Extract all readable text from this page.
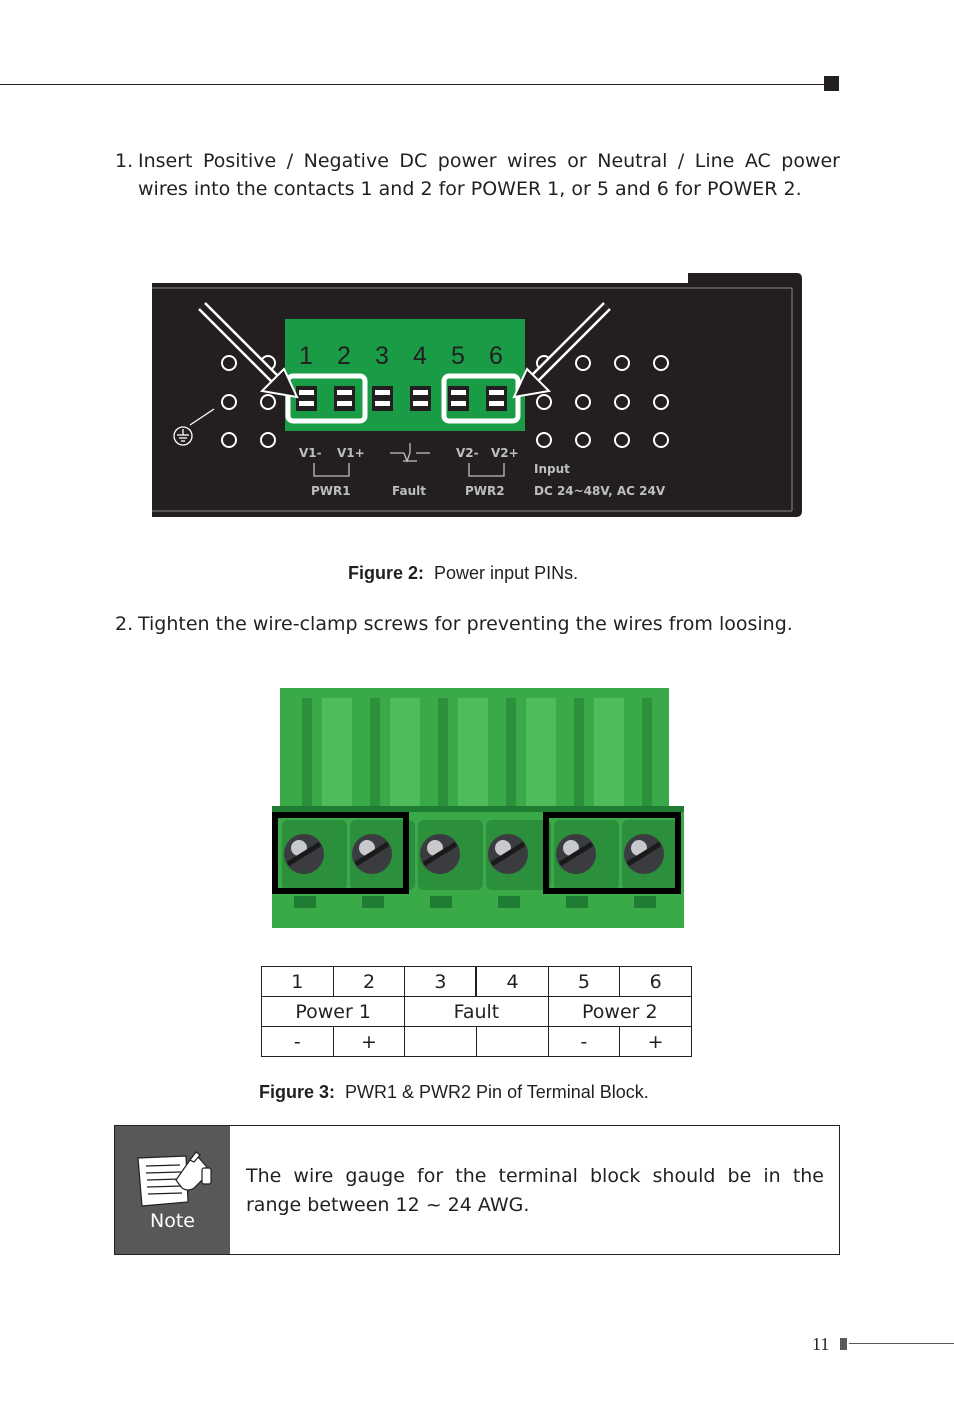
1. Insert Positive / Negative DC power wires or Neutral / Line AC power wires into the contacts 1 and 2 for POWER 1, or 5 and 6 for POWER 2.
1 2 3 4 5 6
V1- V1+	V2- V2+
PWR1	Fault	PWR2
Input
DC 24~48V, AC 24V
Figure 2: Power input PINs.
2. Tighten the wire-clamp screws for preventing the wires from loosing.
1	2	3	4	5	6
Power 1		Fault		Power 2	
-	+			-	+
Figure 3: PWR1 & PWR2 Pin of Terminal Block.
Note
The wire gauge for the terminal block should be in the range between 12 ~ 24 AWG.
11
